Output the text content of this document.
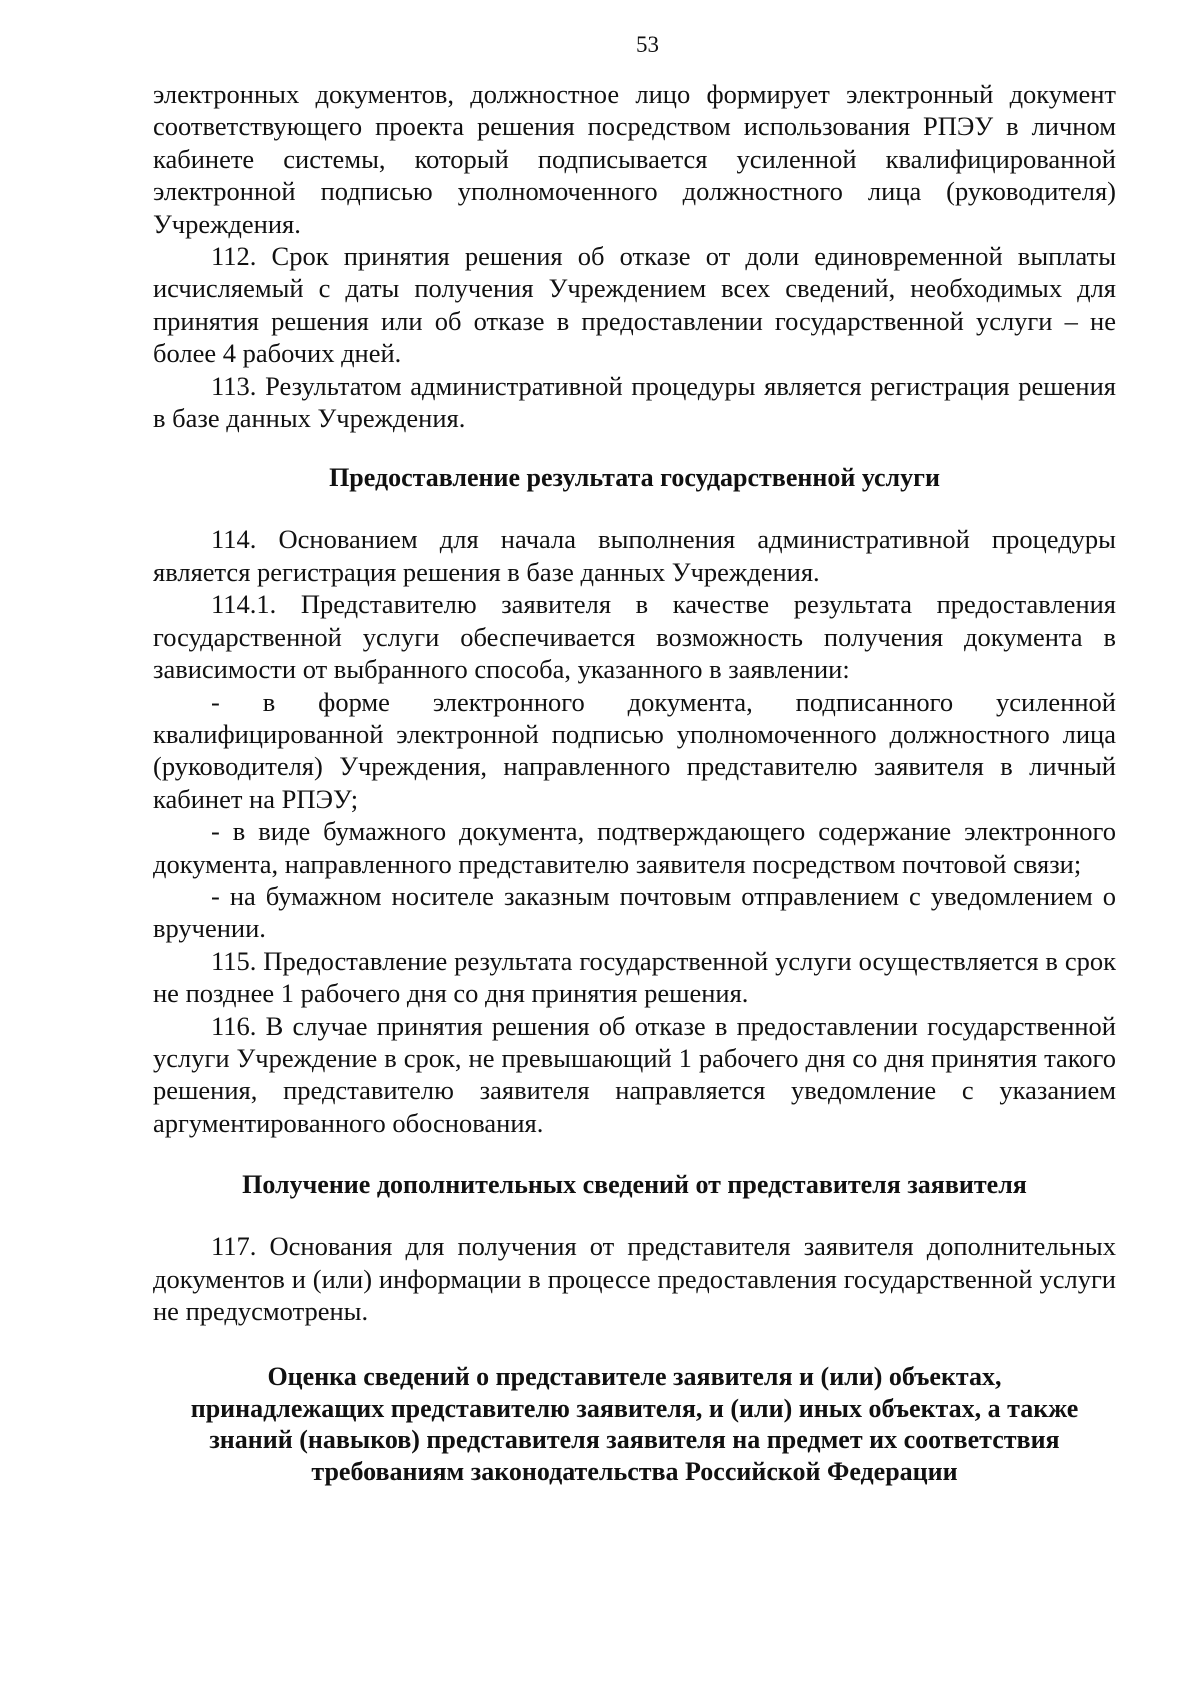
53

электронных документов, должностное лицо формирует электронный документ соответствующего проекта решения посредством использования РПЭУ в личном кабинете системы, который подписывается усиленной квалифицированной электронной подписью уполномоченного должностного лица (руководителя) Учреждения.

112. Срок принятия решения об отказе от доли единовременной выплаты исчисляемый с даты получения Учреждением всех сведений, необходимых для принятия решения или об отказе в предоставлении государственной услуги – не более 4 рабочих дней.

113. Результатом административной процедуры является регистрация решения в базе данных Учреждения.

Предоставление результата государственной услуги

114. Основанием для начала выполнения административной процедуры является регистрация решения в базе данных Учреждения.

114.1. Представителю заявителя в качестве результата предоставления государственной услуги обеспечивается возможность получения документа в зависимости от выбранного способа, указанного в заявлении:

- в форме электронного документа, подписанного усиленной квалифицированной электронной подписью уполномоченного должностного лица (руководителя) Учреждения, направленного представителю заявителя в личный кабинет на РПЭУ;

- в виде бумажного документа, подтверждающего содержание электронного документа, направленного представителю заявителя посредством почтовой связи;

- на бумажном носителе заказным почтовым отправлением с уведомлением о вручении.

115. Предоставление результата государственной услуги осуществляется в срок не позднее 1 рабочего дня со дня принятия решения.

116. В случае принятия решения об отказе в предоставлении государственной услуги Учреждение в срок, не превышающий 1 рабочего дня со дня принятия такого решения, представителю заявителя направляется уведомление с указанием аргументированного обоснования.

Получение дополнительных сведений от представителя заявителя

117. Основания для получения от представителя заявителя дополнительных документов и (или) информации в процессе предоставления государственной услуги не предусмотрены.

Оценка сведений о представителе заявителя и (или) объектах,
принадлежащих представителю заявителя, и (или) иных объектах, а также
знаний (навыков) представителя заявителя на предмет их соответствия
требованиям законодательства Российской Федерации
